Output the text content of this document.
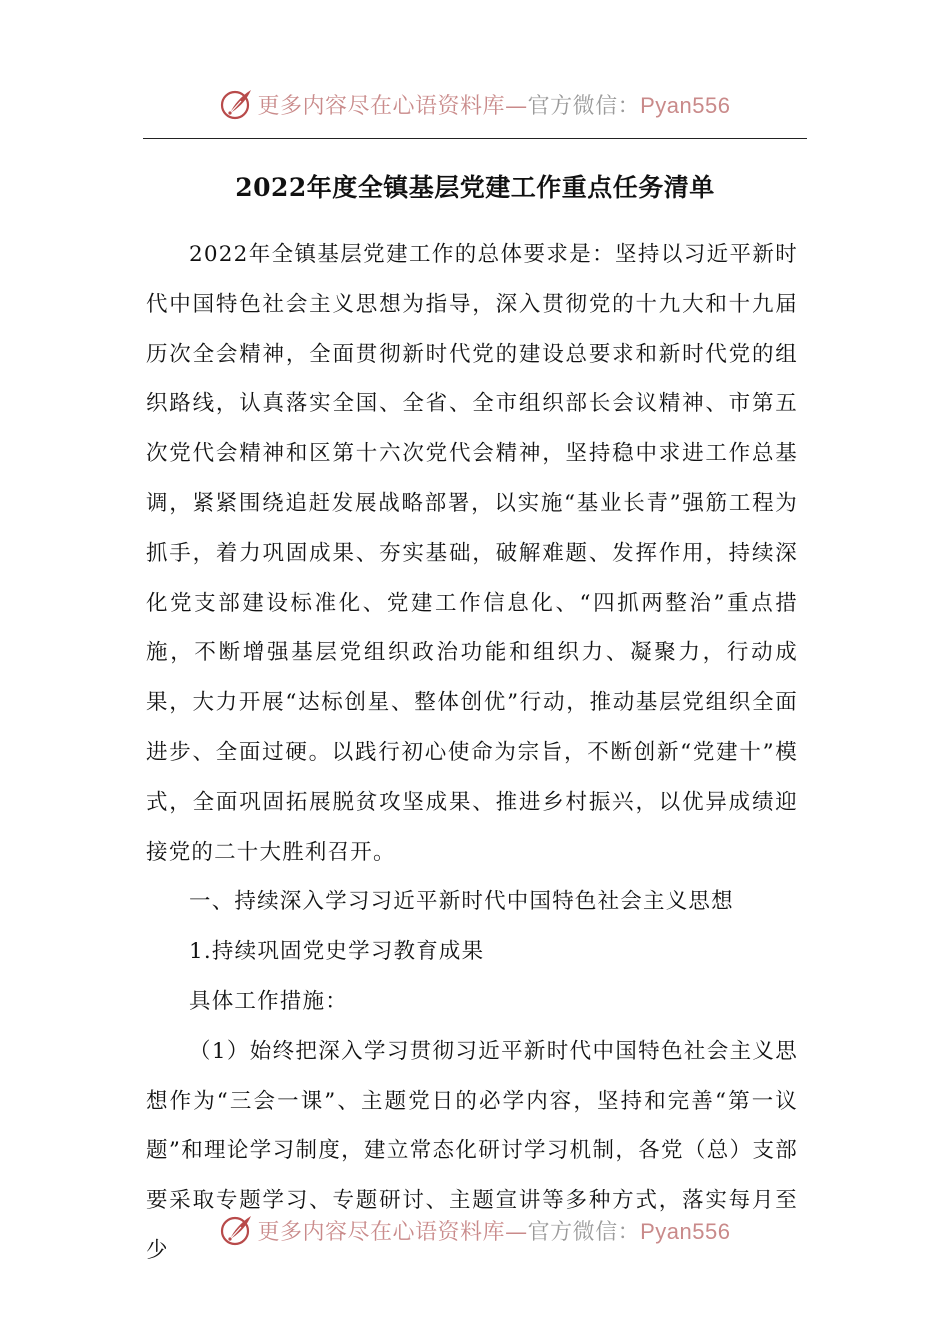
更多内容尽在心语资料库—官方微信：Pyan556
2022年度全镇基层党建工作重点任务清单

2022年全镇基层党建工作的总体要求是：坚持以习近平新时代中国特色社会主义思想为指导，深入贯彻党的十九大和十九届历次全会精神，全面贯彻新时代党的建设总要求和新时代党的组织路线，认真落实全国、全省、全市组织部长会议精神、市第五次党代会精神和区第十六次党代会精神，坚持稳中求进工作总基调，紧紧围绕追赶发展战略部署，以实施“基业长青”强筋工程为抓手，着力巩固成果、夯实基础，破解难题、发挥作用，持续深化党支部建设标准化、党建工作信息化、“四抓两整治”重点措施，不断增强基层党组织政治功能和组织力、凝聚力，行动成果，大力开展“达标创星、整体创优”行动，推动基层党组织全面进步、全面过硬。以践行初心使命为宗旨，不断创新“党建十”模式，全面巩固拓展脱贫攻坚成果、推进乡村振兴，以优异成绩迎接党的二十大胜利召开。

一、持续深入学习习近平新时代中国特色社会主义思想

1.持续巩固党史学习教育成果

具体工作措施：

（1）始终把深入学习贯彻习近平新时代中国特色社会主义思想作为“三会一课”、主题党日的必学内容，坚持和完善“第一议题”和理论学习制度，建立常态化研讨学习机制，各党（总）支部要采取专题学习、专题研讨、主题宣讲等多种方式，落实每月至少

更多内容尽在心语资料库—官方微信：Pyan556
